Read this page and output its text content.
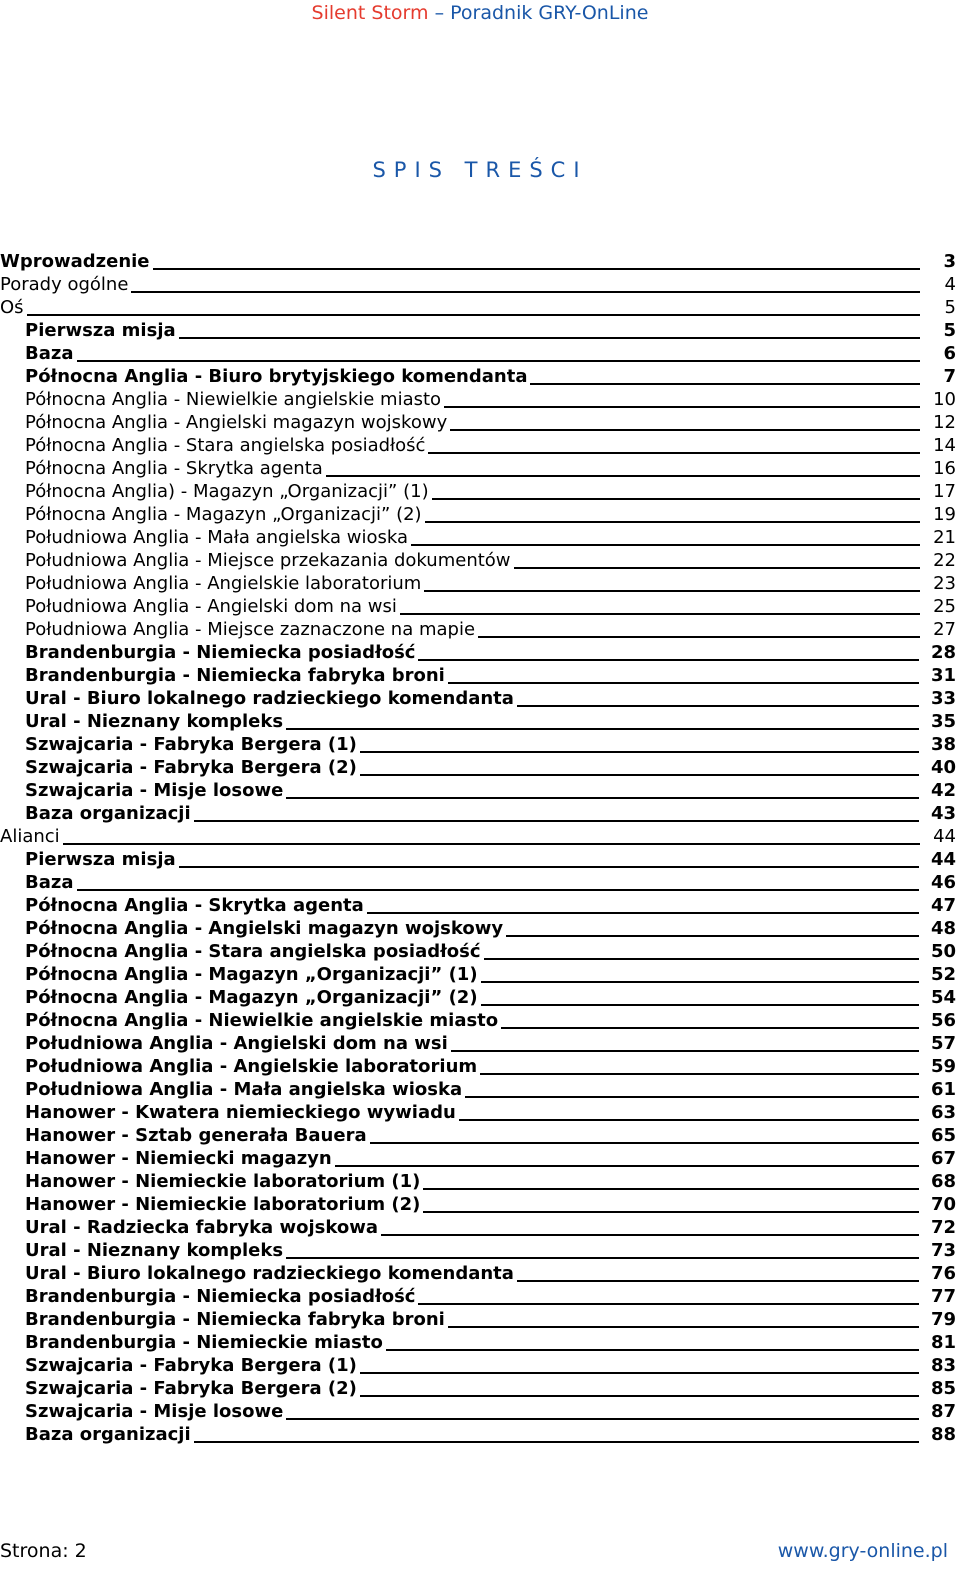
Silent Storm – Poradnik GRY-OnLine
SPIS TREŚCI
Wprowadzenie	3
Porady ogólne	4
Oś	5
Pierwsza misja	5
Baza	6
Północna Anglia - Biuro brytyjskiego komendanta	7
Północna Anglia - Niewielkie angielskie miasto	10
Północna Anglia - Angielski magazyn wojskowy	12
Północna Anglia - Stara angielska posiadłość	14
Północna Anglia - Skrytka agenta	16
Północna Anglia) - Magazyn „Organizacji” (1)	17
Północna Anglia - Magazyn „Organizacji” (2)	19
Południowa Anglia - Mała angielska wioska	21
Południowa Anglia - Miejsce przekazania dokumentów	22
Południowa Anglia - Angielskie laboratorium	23
Południowa Anglia - Angielski dom na wsi	25
Południowa Anglia - Miejsce zaznaczone na mapie	27
Brandenburgia - Niemiecka posiadłość	28
Brandenburgia - Niemiecka fabryka broni	31
Ural - Biuro lokalnego radzieckiego komendanta	33
Ural - Nieznany kompleks	35
Szwajcaria - Fabryka Bergera (1)	38
Szwajcaria - Fabryka Bergera (2)	40
Szwajcaria - Misje losowe	42
Baza organizacji	43
Alianci	44
Pierwsza misja	44
Baza	46
Północna Anglia - Skrytka agenta	47
Północna Anglia - Angielski magazyn wojskowy	48
Północna Anglia - Stara angielska posiadłość	50
Północna Anglia - Magazyn „Organizacji” (1)	52
Północna Anglia - Magazyn „Organizacji” (2)	54
Północna Anglia - Niewielkie angielskie miasto	56
Południowa Anglia - Angielski dom na wsi	57
Południowa Anglia - Angielskie laboratorium	59
Południowa Anglia - Mała angielska wioska	61
Hanower - Kwatera niemieckiego wywiadu	63
Hanower - Sztab generała Bauera	65
Hanower - Niemiecki magazyn	67
Hanower - Niemieckie laboratorium (1)	68
Hanower - Niemieckie laboratorium (2)	70
Ural - Radziecka fabryka wojskowa	72
Ural - Nieznany kompleks	73
Ural - Biuro lokalnego radzieckiego komendanta	76
Brandenburgia - Niemiecka posiadłość	77
Brandenburgia - Niemiecka fabryka broni	79
Brandenburgia - Niemieckie miasto	81
Szwajcaria - Fabryka Bergera (1)	83
Szwajcaria - Fabryka Bergera (2)	85
Szwajcaria - Misje losowe	87
Baza organizacji	88
Strona: 2	www.gry-online.pl
